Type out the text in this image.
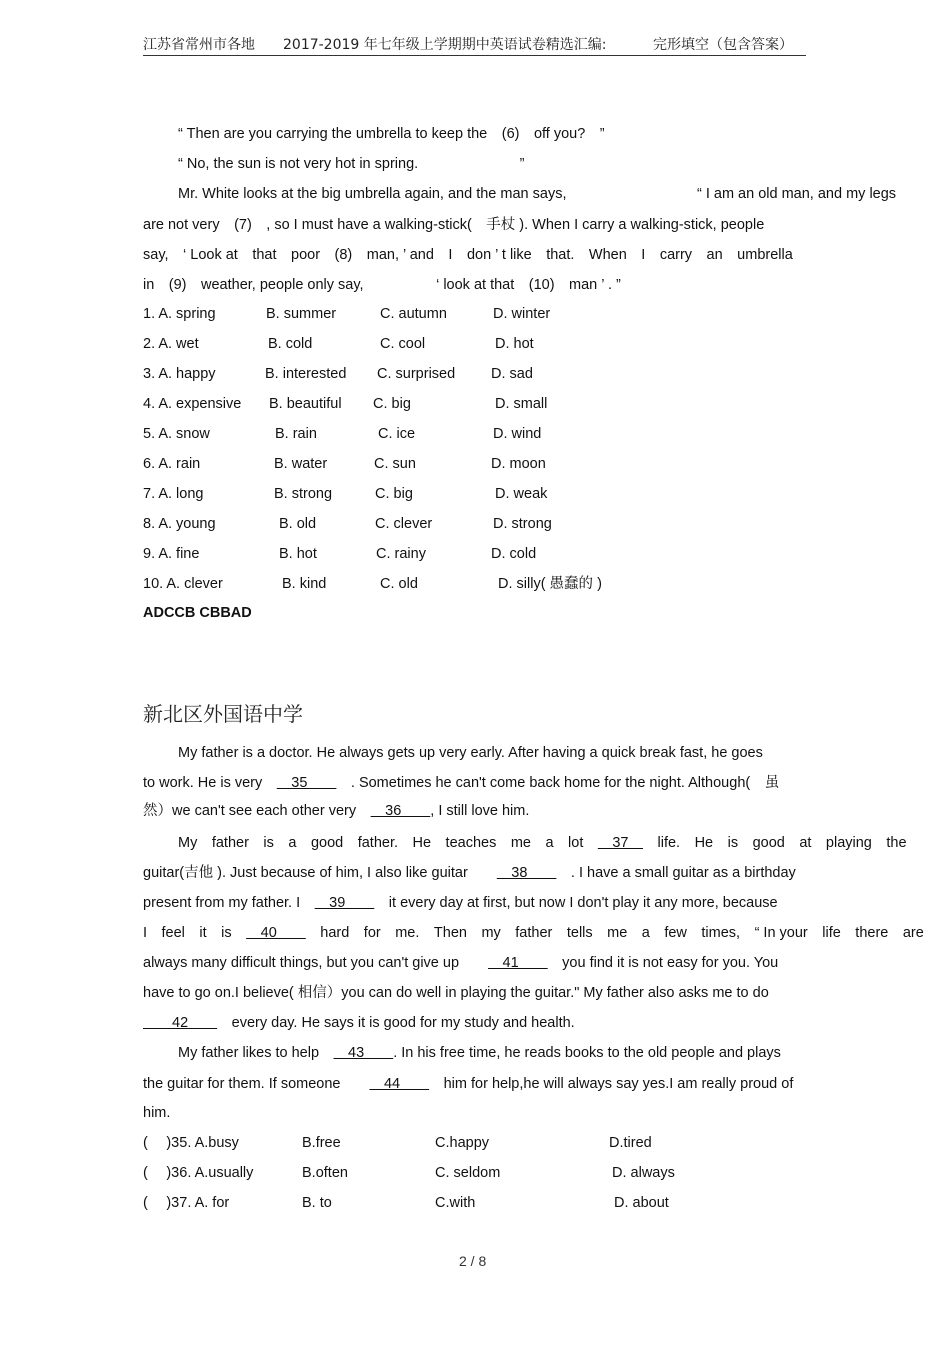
江苏省常州市各地 2017-2019 年七年级上学期期中英语试卷精选汇编:	完形填空（包含答案）
“ Then are you carrying the umbrella to keep the　(6)　off you?　”
“ No, the sun is not very hot in spring.　　　　　　　”
Mr. White looks at the big umbrella again, and the man says,　　　　　　　　　“ I am an old man, and my legs
are not very　(7)　, so I must have a walking-stick(　手杖 ). When I carry a walking-stick, people
say,　‘ Look at　that　poor　(8)　man, ’ and　I　don ’ t like　that.　When　I　carry　an　umbrella
in　(9)　weather, people only say,　　　　　‘ look at that　(10)　man ’ . ”
1. A. spring	B. summer	C. autumn	D. winter
2. A. wet	B. cold	C. cool	D. hot
3. A. happy	B. interested C. surprised D. sad
4. A. expensive B. beautiful C. big	D. small
5. A. snow	B. rain	C. ice	D. wind
6. A. rain	B. water	C. sun	D. moon
7. A. long	B. strong	C. big	D. weak
8. A. young	B. old	C. clever	D. strong
9. A. fine	B. hot	C. rainy	D. cold
10. A. clever	B. kind	C. old	D. silly( 愚蠢的 )
ADCCB CBBAD
新北区外国语中学
My father is a doctor. He always gets up very early. After having a quick break fast, he goes
to work. He is very　　35　　　. Sometimes he can't come back home for the night. Although(　虽
然）we can't see each other very　　36　　, I still love him.
My　father　is　a　good　father.　He　teaches　me　a　lot　　37　　life.　He　is　good　at　playing　the
guitar(吉他 ). Just because of him, I also like guitar　　　38　　　. I have a small guitar as a birthday
present from my father. I　　39　　　it every day at first, but now I don't play it any more, because
I　feel　it　is　　40　　　hard　for　me.　Then　my　father　tells　me　a　few　times,　“ In your　life　there　are
always many difficult things, but you can't give up　　　41　　　you find it is not easy for you. You
have to go on.I believe( 相信）you can do well in playing the guitar." My father also asks me to do
　　42　　　every day. He says it is good for my study and health.
My father likes to help　　43　　. In his free time, he reads books to the old people and plays
the guitar for them. If someone　　　44　　　him for help,he will always say yes.I am really proud of
him.
(　 )35. A.busy	B.free	C.happy	D.tired
(　 )36. A.usually	B.often	C. seldom	D. always
(　 )37. A. for	B. to	C.with	D. about
2 / 8
